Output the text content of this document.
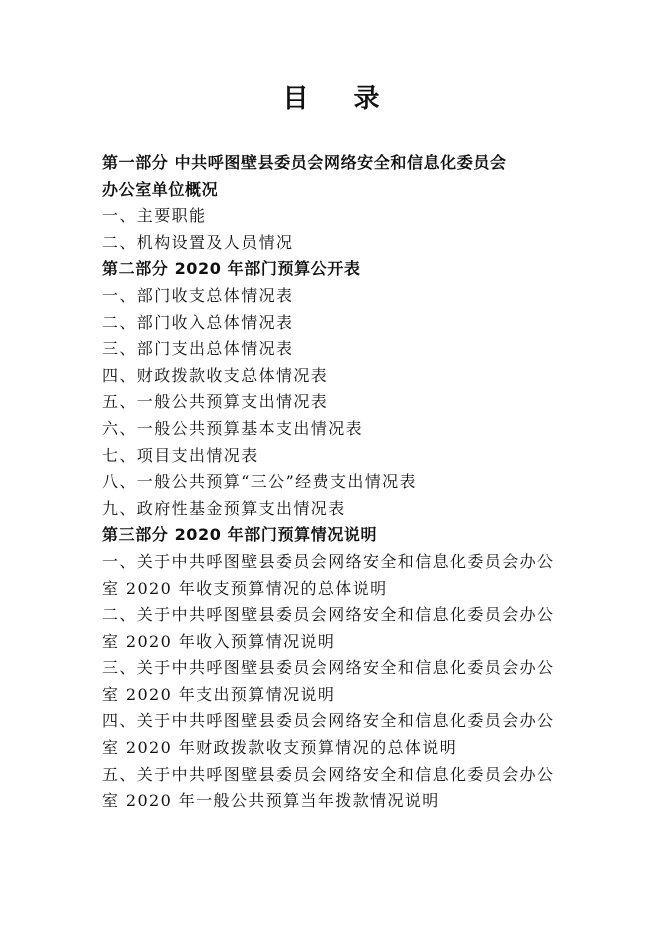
目 录
第一部分 中共呼图壁县委员会网络安全和信息化委员会
办公室单位概况
一、主要职能
二、机构设置及人员情况
第二部分 2020 年部门预算公开表
一、部门收支总体情况表
二、部门收入总体情况表
三、部门支出总体情况表
四、财政拨款收支总体情况表
五、一般公共预算支出情况表
六、一般公共预算基本支出情况表
七、项目支出情况表
八、一般公共预算“三公”经费支出情况表
九、政府性基金预算支出情况表
第三部分 2020 年部门预算情况说明
一、关于中共呼图壁县委员会网络安全和信息化委员会办公
室 2020 年收支预算情况的总体说明
二、关于中共呼图壁县委员会网络安全和信息化委员会办公
室 2020 年收入预算情况说明
三、关于中共呼图壁县委员会网络安全和信息化委员会办公
室 2020 年支出预算情况说明
四、关于中共呼图壁县委员会网络安全和信息化委员会办公
室 2020 年财政拨款收支预算情况的总体说明
五、关于中共呼图壁县委员会网络安全和信息化委员会办公
室 2020 年一般公共预算当年拨款情况说明
